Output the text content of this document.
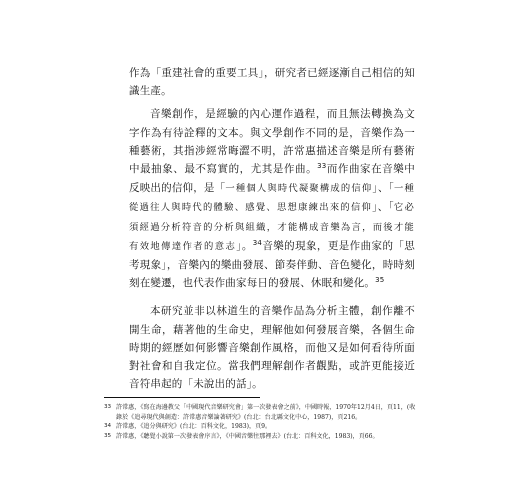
作為「重建社會的重要工具」，研究者已經逐漸自己相信的知識生產。

音樂創作，是經驗的內心運作過程，而且無法轉換為文字作為有待詮釋的文本。與文學創作不同的是，音樂作為一種藝術，其指涉經常晦澀不明，許常惠描述音樂是所有藝術中最抽象、最不寫實的，尤其是作曲。$^{33}$而作曲家在音樂中反映出的信仰，是「一種個人與時代凝聚構成的信仰」、「一種從過往人與時代的體驗、感覺、思想康練出來的信仰」、「它必須經過分析符音的分析與組織，才能構成音樂為言，而後才能有效地傳達作者的意志」。$^{34}$音樂的現象，更是作曲家的「思考現象」，音樂內的樂曲發展、節奏伴動、音色變化，時時刻刻在變遷，也代表作曲家每日的發展、休眠和變化。$^{35}$

本研究並非以林道生的音樂作品為分析主體，創作離不開生命，藉著他的生命史，理解他如何發展音樂，各個生命時期的經歷如何影響音樂創作風格，而他又是如何看待所面對社會和自我定位。當我們理解創作者觀點，或許更能接近音符串起的「未說出的話」。

33 許常惠，《寫在海邊教父「中國現代音樂研究會」第一次發表會之前》，中國時報，1970年12月4日，頁11，(收錄於《追尋現代與創造：許常惠音樂論著研究》(台北：台北縣文化中心，1987)，頁216。
34 許常惠，《追分與研究》(台北：百科文化，1983)，頁9。
35 許常惠，《聽覺小說第一次發表會序言》，《中國音樂往那裡去》(台北：百科文化，1983)，頁66。
